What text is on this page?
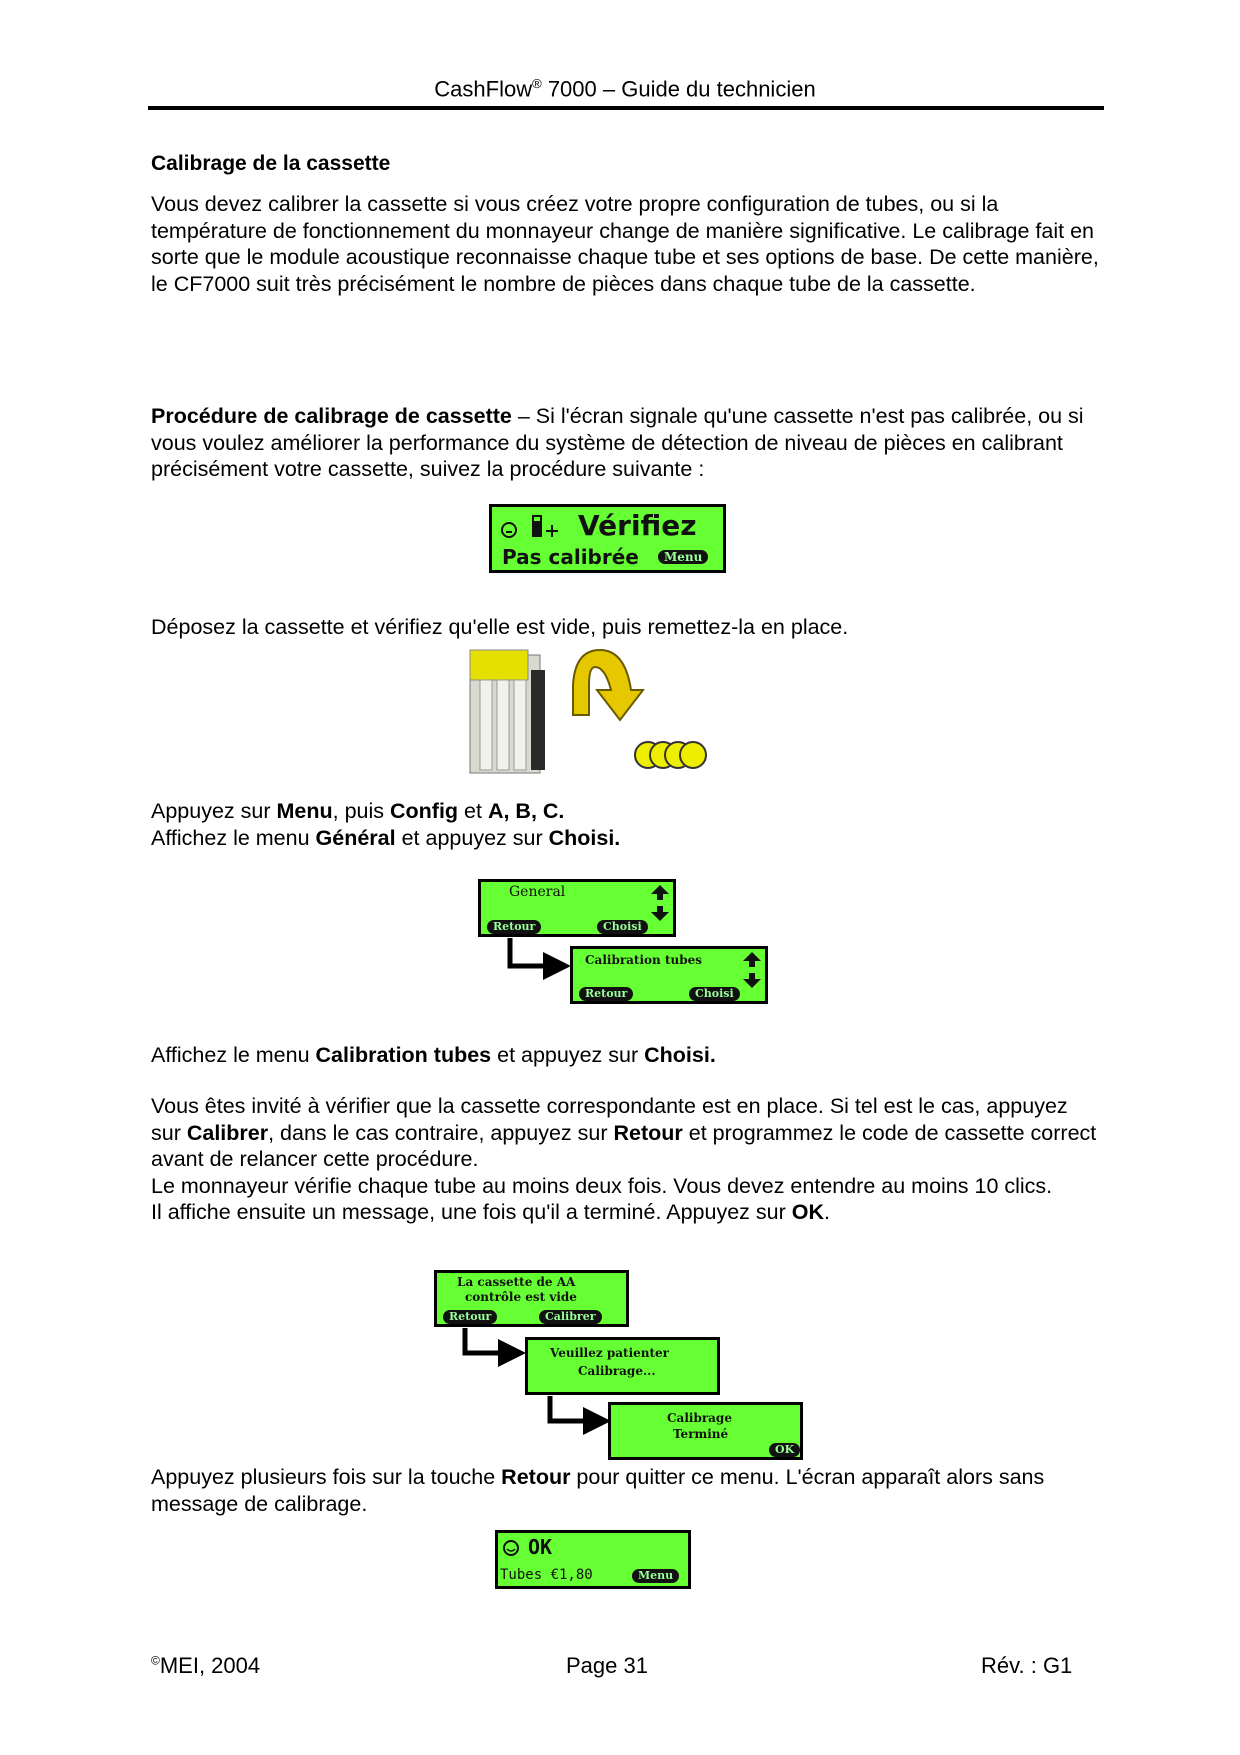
CashFlow® 7000 – Guide du technicien
Calibrage de la cassette
Vous devez calibrer la cassette si vous créez votre propre configuration de tubes, ou si la température de fonctionnement du monnayeur change de manière significative. Le calibrage fait en sorte que le module acoustique reconnaisse chaque tube et ses options de base. De cette manière, le CF7000 suit très précisément le nombre de pièces dans chaque tube de la cassette.
Procédure de calibrage de cassette – Si l'écran signale qu'une cassette n'est pas calibrée, ou si vous voulez améliorer la performance du système de détection de niveau de pièces en calibrant précisément votre cassette, suivez la procédure suivante :
Vérifiez
Pas calibrée	Menu
Déposez la cassette et vérifiez qu'elle est vide, puis remettez-la en place.
Appuyez sur Menu, puis Config et A, B, C.
Affichez le menu Général et appuyez sur Choisi.
General
Retour	Choisi
Calibration tubes
Retour	Choisi
Affichez le menu Calibration tubes et appuyez sur Choisi.
Vous êtes invité à vérifier que la cassette correspondante est en place. Si tel est le cas, appuyez sur Calibrer, dans le cas contraire, appuyez sur Retour et programmez le code de cassette correct avant de relancer cette procédure.
Le monnayeur vérifie chaque tube au moins deux fois. Vous devez entendre au moins 10 clics.
Il affiche ensuite un message, une fois qu'il a terminé. Appuyez sur OK.
La cassette de AA
contrôle est vide
Retour	Calibrer
Veuillez patienter
Calibrage...
Calibrage
Terminé
OK
Appuyez plusieurs fois sur la touche Retour pour quitter ce menu. L'écran apparaît alors sans message de calibrage.
OK
Tubes €1,80	Menu
©MEI, 2004	Page 31	Rév. : G1
